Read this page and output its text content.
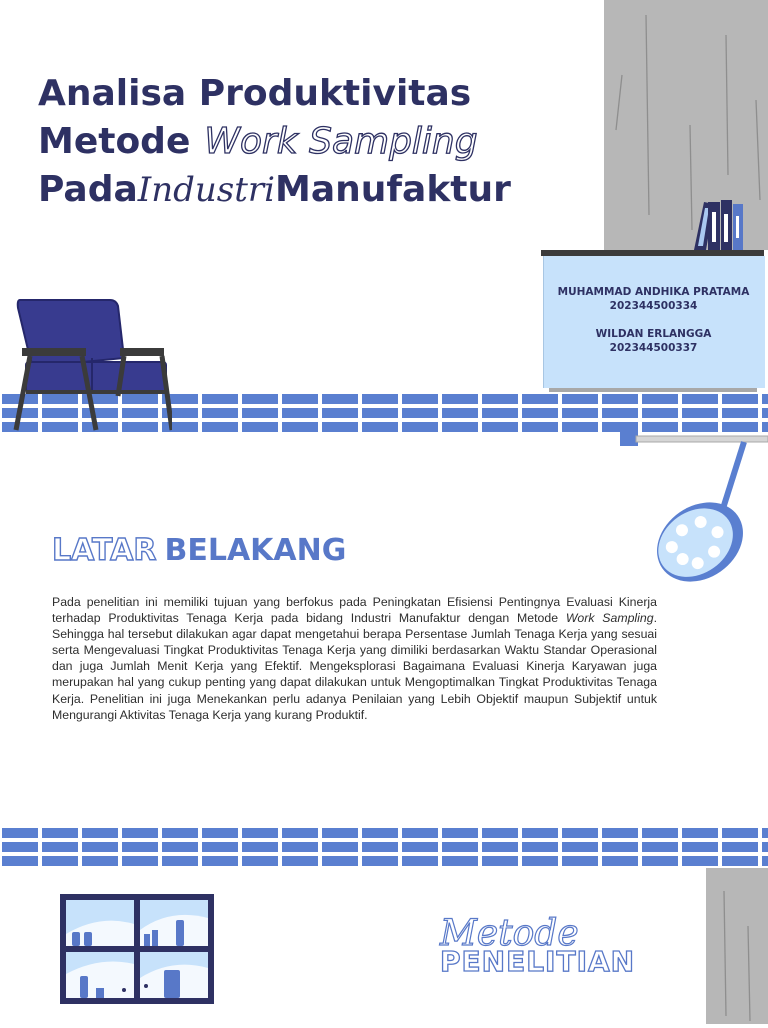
Analisa Produktivitas
Metode Work Sampling
PadaIndustriManufaktur
MUHAMMAD ANDHIKA PRATAMA
202344500334
WILDAN ERLANGGA
202344500337
LATAR BELAKANG
Pada penelitian ini memiliki tujuan yang berfokus pada Peningkatan Efisiensi Pentingnya Evaluasi Kinerja terhadap Produktivitas Tenaga Kerja pada bidang Industri Manufaktur dengan Metode Work Sampling. Sehingga hal tersebut dilakukan agar dapat mengetahui berapa Persentase Jumlah Tenaga Kerja yang sesuai serta Mengevaluasi Tingkat Produktivitas Tenaga Kerja yang dimiliki berdasarkan Waktu Standar Operasional dan juga Jumlah Menit Kerja yang Efektif. Mengeksplorasi Bagaimana Evaluasi Kinerja Karyawan juga merupakan hal yang cukup penting yang dapat dilakukan untuk Mengoptimalkan Tingkat Produktivitas Tenaga Kerja. Penelitian ini juga Menekankan perlu adanya Penilaian yang Lebih Objektif maupun Subjektif untuk Mengurangi Aktivitas Tenaga Kerja yang kurang Produktif.
Metode
PENELITIAN
